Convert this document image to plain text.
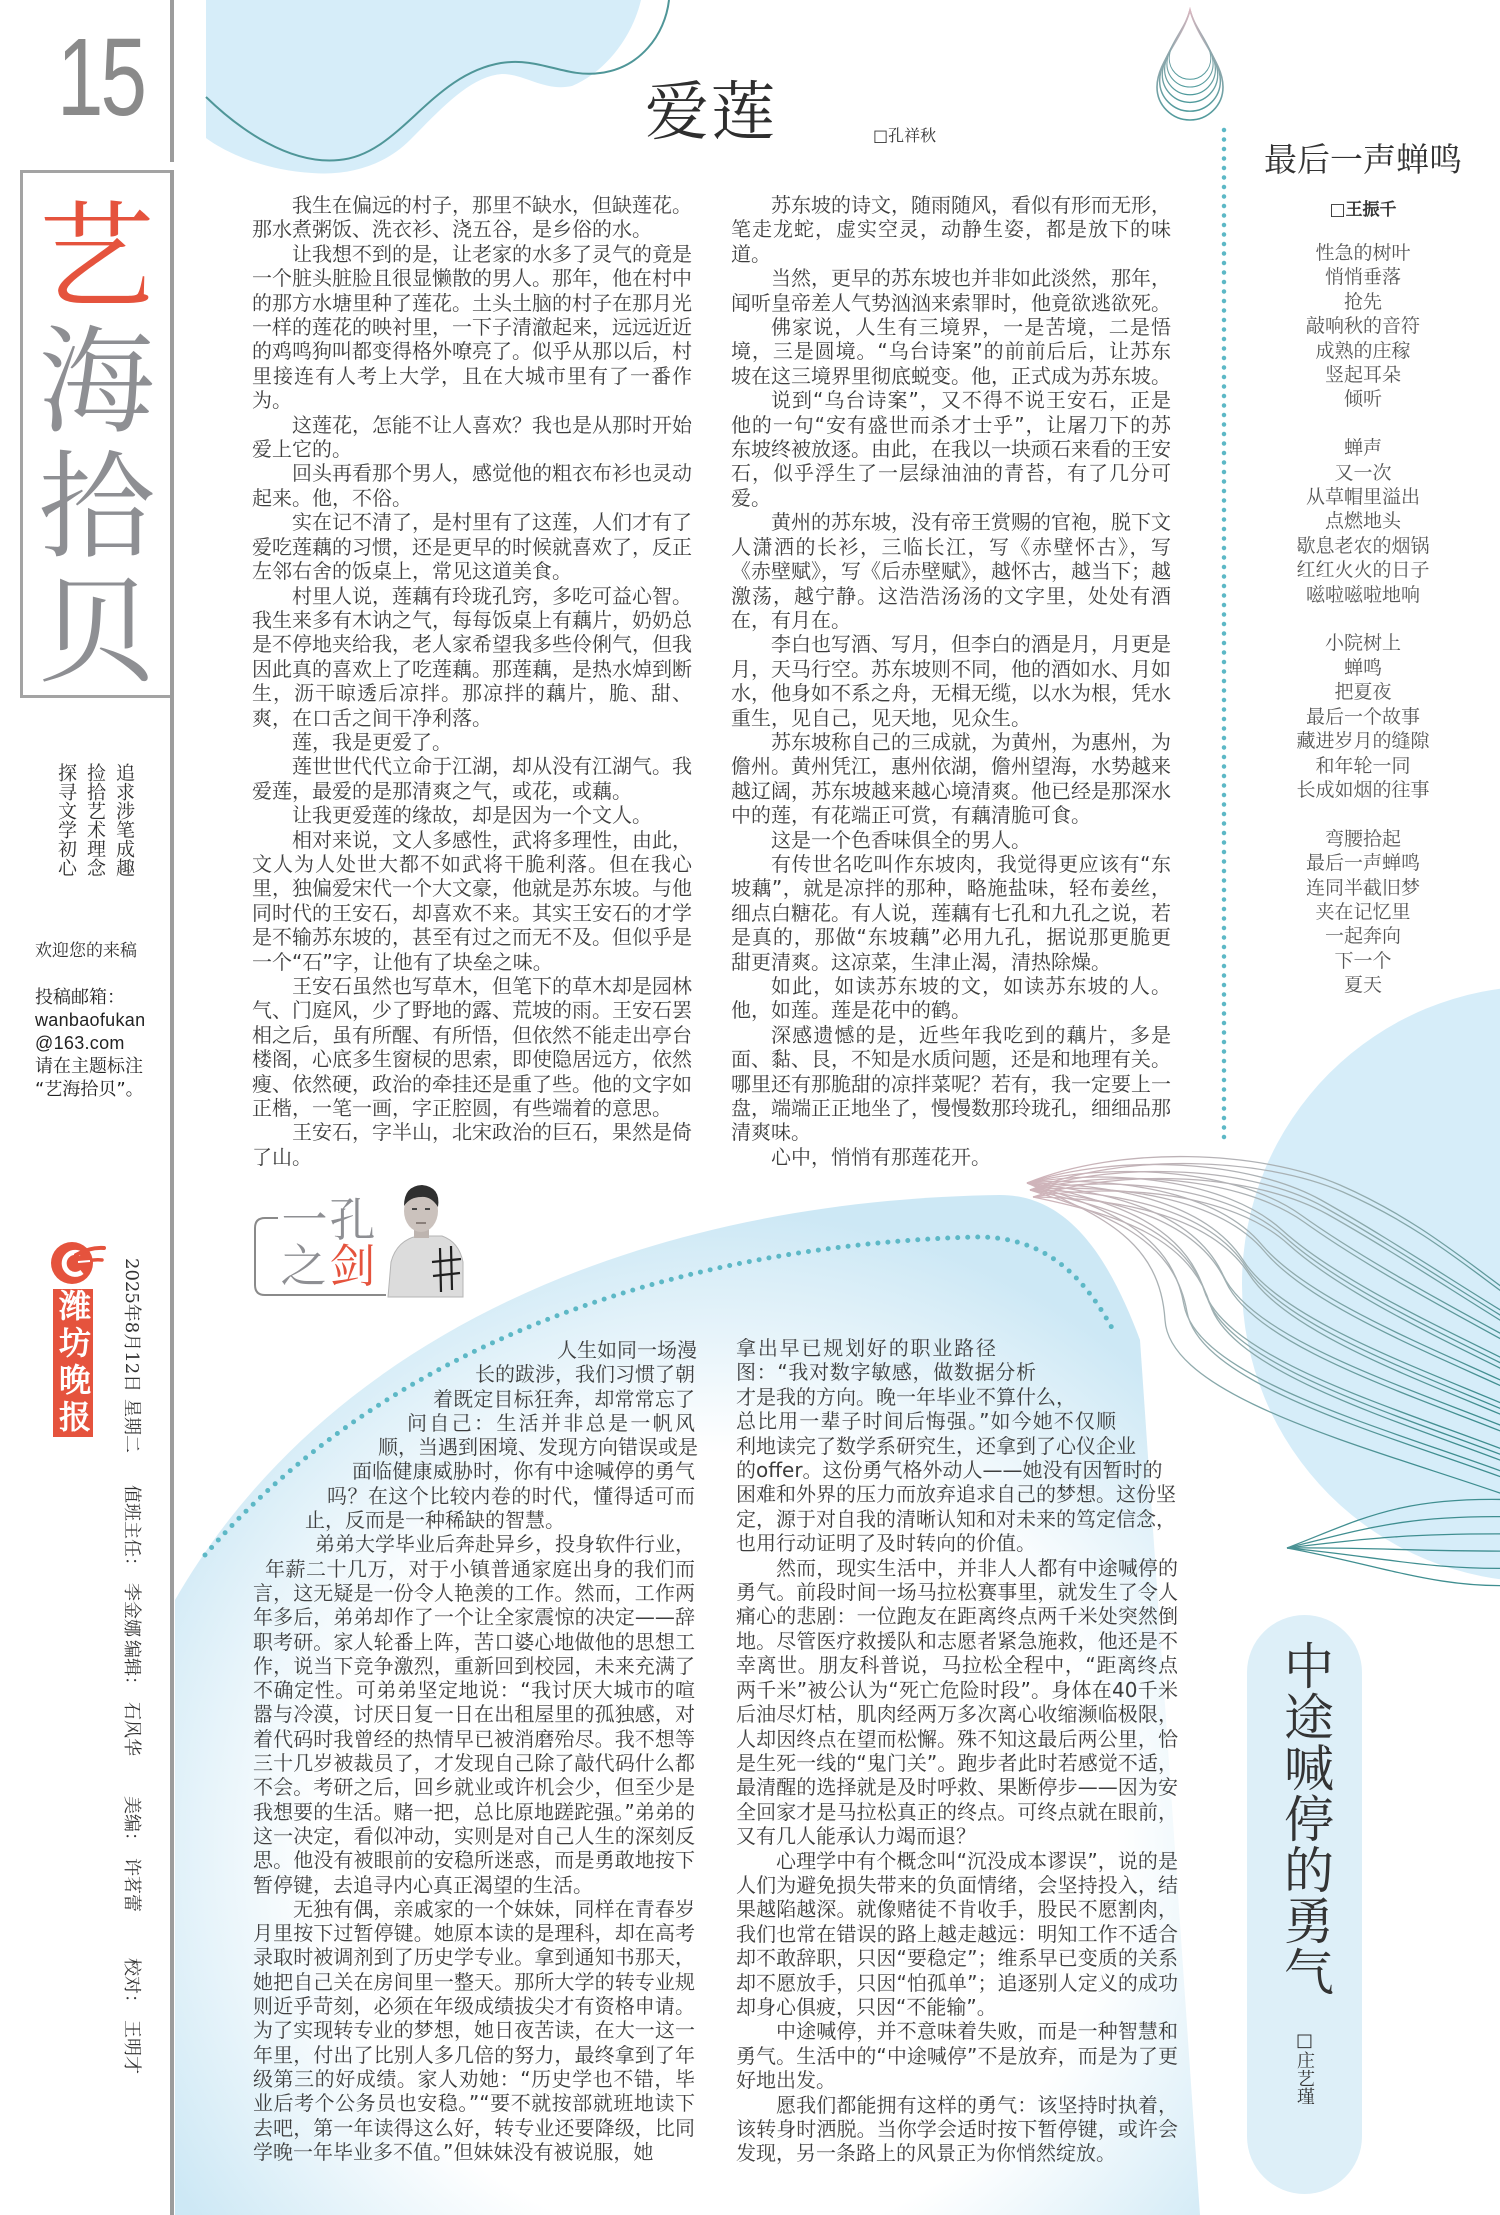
15
艺
海
拾
贝
追求涉笔成趣
捡拾艺术理念
探寻文学初心
欢迎您的来稿
投稿邮箱：
wanbaofukan
@163.com
请在主题标注
“艺海拾贝”。
潍坊晚报 2025年8月12日
星期二
值班主任：李金娜
编辑：石风华
美编：许茗蕾
校对：王明才
爱莲	□孔祥秋

我生在偏远的村子，那里不缺水，但缺莲花。那水煮粥饭、洗衣衫、浇五谷，是乡俗的水。

让我想不到的是，让老家的水多了灵气的竟是一个脏头脏脸且很显懒散的男人。那年，他在村中的那方水塘里种了莲花。土头土脑的村子在那月光一样的莲花的映衬里，一下子清澈起来，远远近近的鸡鸣狗叫都变得格外嘹亮了。似乎从那以后，村里接连有人考上大学，且在大城市里有了一番作为。

这莲花，怎能不让人喜欢？我也是从那时开始爱上它的。

回头再看那个男人，感觉他的粗衣布衫也灵动起来。他，不俗。

实在记不清了，是村里有了这莲，人们才有了爱吃莲藕的习惯，还是更早的时候就喜欢了，反正左邻右舍的饭桌上，常见这道美食。

村里人说，莲藕有玲珑孔窍，多吃可益心智。我生来多有木讷之气，每每饭桌上有藕片，奶奶总是不停地夹给我，老人家希望我多些伶俐气，但我因此真的喜欢上了吃莲藕。那莲藕，是热水焯到断生，沥干晾透后凉拌。那凉拌的藕片，脆、甜、爽，在口舌之间干净利落。

莲，我是更爱了。

莲世世代代立命于江湖，却从没有江湖气。我爱莲，最爱的是那清爽之气，或花，或藕。

让我更爱莲的缘故，却是因为一个文人。

相对来说，文人多感性，武将多理性，由此，文人为人处世大都不如武将干脆利落。但在我心里，独偏爱宋代一个大文豪，他就是苏东坡。与他同时代的王安石，却喜欢不来。其实王安石的才学是不输苏东坡的，甚至有过之而无不及。但似乎是一个“石”字，让他有了块垒之味。

王安石虽然也写草木，但笔下的草木却是园林气、门庭风，少了野地的露、荒坡的雨。王安石罢相之后，虽有所醒、有所悟，但依然不能走出亭台楼阁，心底多生窗棂的思索，即使隐居远方，依然瘦、依然硬，政治的牵挂还是重了些。他的文字如正楷，一笔一画，字正腔圆，有些端着的意思。

王安石，字半山，北宋政治的巨石，果然是倚了山。

苏东坡的诗文，随雨随风，看似有形而无形，笔走龙蛇，虚实空灵，动静生姿，都是放下的味道。

当然，更早的苏东坡也并非如此淡然，那年，闻听皇帝差人气势汹汹来索罪时，他竟欲逃欲死。

佛家说，人生有三境界，一是苦境，二是悟境，三是圆境。“乌台诗案”的前前后后，让苏东坡在这三境界里彻底蜕变。他，正式成为苏东坡。

说到“乌台诗案”，又不得不说王安石，正是他的一句“安有盛世而杀才士乎”，让屠刀下的苏东坡终被放逐。由此，在我以一块顽石来看的王安石，似乎浮生了一层绿油油的青苔，有了几分可爱。

黄州的苏东坡，没有帝王赏赐的官袍，脱下文人潇洒的长衫，三临长江，写《赤壁怀古》，写《赤壁赋》，写《后赤壁赋》，越怀古，越当下；越激荡，越宁静。这浩浩汤汤的文字里，处处有酒在，有月在。

李白也写酒、写月，但李白的酒是月，月更是月，天马行空。苏东坡则不同，他的酒如水、月如水，他身如不系之舟，无楫无缆，以水为根，凭水重生，见自己，见天地，见众生。

苏东坡称自己的三成就，为黄州，为惠州，为儋州。黄州凭江，惠州依湖，儋州望海，水势越来越辽阔，苏东坡越来越心境清爽。他已经是那深水中的莲，有花端正可赏，有藕清脆可食。

这是一个色香味俱全的男人。

有传世名吃叫作东坡肉，我觉得更应该有“东坡藕”，就是凉拌的那种，略施盐味，轻布姜丝，细点白糖花。有人说，莲藕有七孔和九孔之说，若是真的，那做“东坡藕”必用九孔，据说那更脆更甜更清爽。这凉菜，生津止渴，清热除燥。

如此，如读苏东坡的文，如读苏东坡的人。他，如莲。莲是花中的鹤。

深感遗憾的是，近些年我吃到的藕片，多是面、黏、艮，不知是水质问题，还是和地理有关。哪里还有那脆甜的凉拌菜呢？若有，我一定要上一盘，端端正正地坐了，慢慢数那玲珑孔，细细品那清爽味。

心中，悄悄有那莲花开。

最后一声蝉鸣
□王振千
性急的树叶
悄悄垂落
抢先
敲响秋的音符
成熟的庄稼
竖起耳朵
倾听
蝉声
又一次
从草帽里溢出
点燃地头
歇息老农的烟锅
红红火火的日子
嗞啦嗞啦地响
小院树上
蝉鸣
把夏夜
最后一个故事
藏进岁月的缝隙
和年轮一同
长成如烟的往事
弯腰拾起
最后一声蝉鸣
连同半截旧梦
夹在记忆里
一起奔向
下一个
夏天
一 孔
之 剑
人生如同一场漫
长的跋涉，我们习惯了朝
着既定目标狂奔，却常常忘了
问自己：生活并非总是一帆风
顺，当遇到困境、发现方向错误或是
面临健康威胁时，你有中途喊停的勇气
吗？在这个比较内卷的时代，懂得适可而
止，反而是一种稀缺的智慧。
弟弟大学毕业后奔赴异乡，投身软件行业，
年薪二十几万，对于小镇普通家庭出身的我们而

言，这无疑是一份令人艳羡的工作。然而，工作两年多后，弟弟却作了一个让全家震惊的决定——辞职考研。家人轮番上阵，苦口婆心地做他的思想工作，说当下竞争激烈，重新回到校园，未来充满了不确定性。可弟弟坚定地说：“我讨厌大城市的喧嚣与冷漠，讨厌日复一日在出租屋里的孤独感，对着代码时我曾经的热情早已被消磨殆尽。我不想等三十几岁被裁员了，才发现自己除了敲代码什么都不会。考研之后，回乡就业或许机会少，但至少是我想要的生活。赌一把，总比原地蹉跎强。”弟弟的这一决定，看似冲动，实则是对自己人生的深刻反思。他没有被眼前的安稳所迷惑，而是勇敢地按下暂停键，去追寻内心真正渴望的生活。

无独有偶，亲戚家的一个妹妹，同样在青春岁月里按下过暂停键。她原本读的是理科，却在高考录取时被调剂到了历史学专业。拿到通知书那天，她把自己关在房间里一整天。那所大学的转专业规则近乎苛刻，必须在年级成绩拔尖才有资格申请。为了实现转专业的梦想，她日夜苦读，在大一这一年里，付出了比别人多几倍的努力，最终拿到了年级第三的好成绩。家人劝她：“历史学也不错，毕业后考个公务员也安稳。”“要不就按部就班地读下去吧，第一年读得这么好，转专业还要降级，比同学晚一年毕业多不值。”但妹妹没有被说服，她

拿出早已规划好的职业路径
图：“我对数字敏感，做数据分析
才是我的方向。晚一年毕业不算什么，
总比用一辈子时间后悔强。”如今她不仅顺
利地读完了数学系研究生，还拿到了心仪企业
的offer。这份勇气格外动人——她没有因暂时的
困难和外界的压力而放弃追求自己的梦想。这份坚
定，源于对自我的清晰认知和对未来的笃定信念，
也用行动证明了及时转向的价值。

然而，现实生活中，并非人人都有中途喊停的勇气。前段时间一场马拉松赛事里，就发生了令人痛心的悲剧：一位跑友在距离终点两千米处突然倒地。尽管医疗救援队和志愿者紧急施救，他还是不幸离世。朋友科普说，马拉松全程中，“距离终点两千米”被公认为“死亡危险时段”。身体在40千米后油尽灯枯，肌肉经两万多次离心收缩濒临极限，人却因终点在望而松懈。殊不知这最后两公里，恰是生死一线的“鬼门关”。跑步者此时若感觉不适，最清醒的选择就是及时呼救、果断停步——因为安全回家才是马拉松真正的终点。可终点就在眼前，又有几人能承认力竭而退？

心理学中有个概念叫“沉没成本谬误”，说的是人们为避免损失带来的负面情绪，会坚持投入，结果越陷越深。就像赌徒不肯收手，股民不愿割肉，我们也常在错误的路上越走越远：明知工作不适合却不敢辞职，只因“要稳定”；维系早已变质的关系却不愿放手，只因“怕孤单”；追逐别人定义的成功却身心俱疲，只因“不能输”。

中途喊停，并不意味着失败，而是一种智慧和勇气。生活中的“中途喊停”不是放弃，而是为了更好地出发。

愿我们都能拥有这样的勇气：该坚持时执着，该转身时洒脱。当你学会适时按下暂停键，或许会发现，另一条路上的风景正为你悄然绽放。

中途喊停的勇气
□庄艺瑾
